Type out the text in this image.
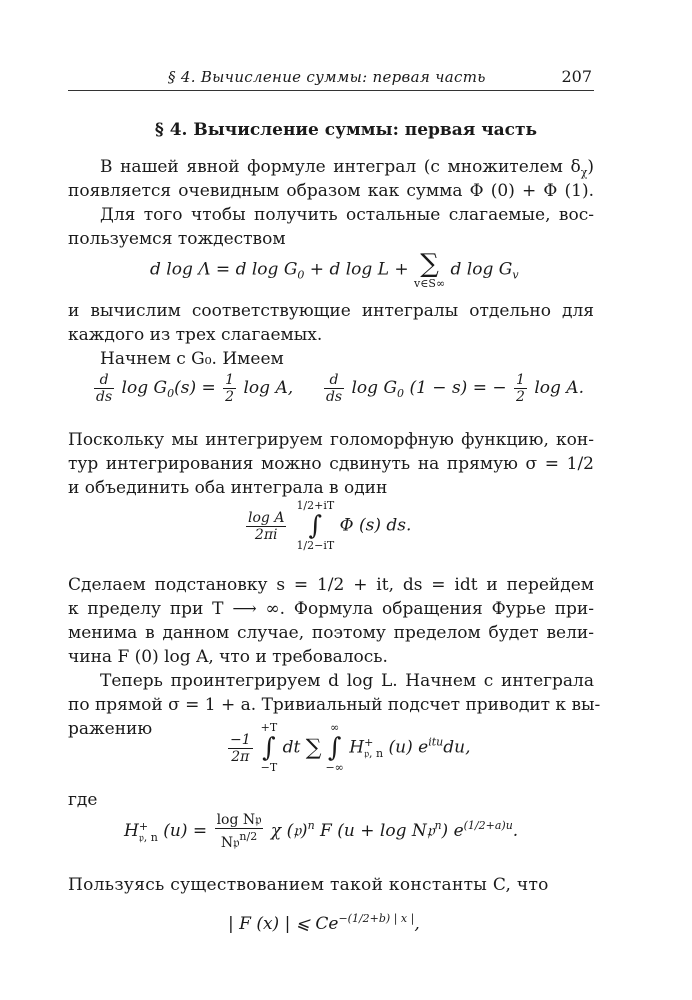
§ 4. Вычисление суммы: первая часть	207
§ 4. Вычисление суммы: первая часть
В нашей явной формуле интеграл (с множителем $\delta_\chi$)
появляется очевидным образом как сумма Φ (0) + Φ (1).
Для того чтобы получить остальные слагаемые, вос-
пользуемся тождеством
d log Λ = d $\log G_0 + d$ log L + ∑
v∈S∞
d $\log G_v$
и вычислим соответствующие интегралы отдельно для
каждого из трех слагаемых.
Начнем с G₀. Имеем
$\frac{d}{ds}$ $\log G_0(s) = \frac{1}{2}$ log A, $\frac{d}{ds}$ $\log G_0$ (1 − s) = − $\frac{1}{2}$ log A.
Поскольку мы интегрируем голоморфную функцию, кон-
тур интегрирования можно сдвинуть на прямую σ = 1/2
и объединить оба интеграла в один
$\frac{\text{log A}}{2\pi i}$
1/2+iT
∫
1/2−iT
Φ (s) ds.
Сделаем подстановку s = 1/2 + it, ds = idt и перейдем
к пределу при T ⟶ ∞. Формула обращения Фурье при-
менима в данном случае, поэтому пределом будет вели-
чина F (0) log A, что и требовалось.
Теперь проинтегрируем d log L. Начнем с интеграла
по прямой σ = 1 + a. Тривиальный подсчет приводит к вы-
ражению
$\frac{-1}{2\pi}$
+T
∫
−T
dt ∑
∞
∫
−∞
H +
𝔭, n (u) $e^{itu}du$,
где
H +
𝔭, n $(u) = \frac{\text{log N𝔭}}{N𝔭^{n/2}}$ χ (𝔭)$^n$ F (u + log N𝔭$^n$) $e^{(1/2+a)u}$.
Пользуясь существованием такой константы C, что
| F (x) | ⩽ $Ce^{-(1/2+b) | x |}$,
